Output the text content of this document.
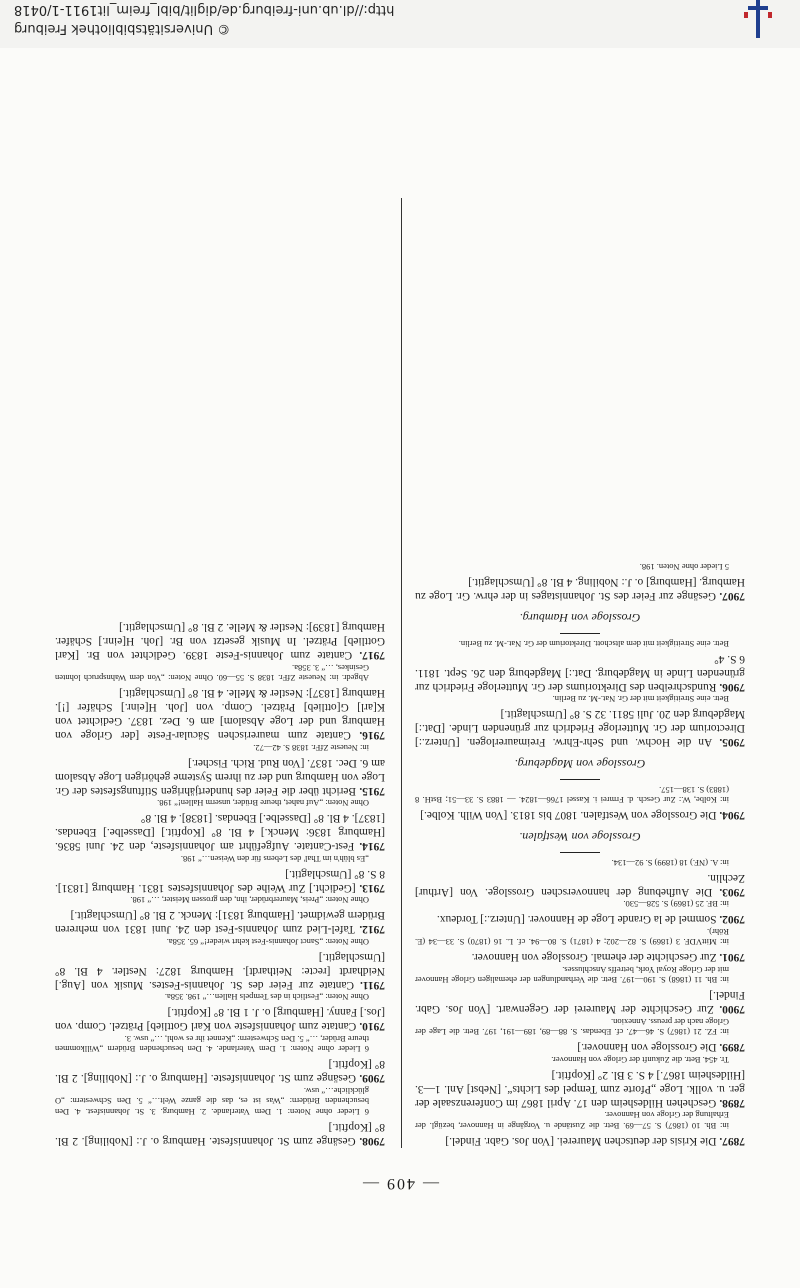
© Universitätsbibliothek Freiburg
http://dl.ub.uni-freiburg.de/diglit/bibl_freim_lit1911-1/0418
— 409 —
7897. Die Krisis der deutschen Maurerei. [Von Jos. Gabr. Findel.]
in: Bh. 10 (1867) S. 57—69. Betr. die Zustände u. Vorgänge in Hannover, bezügl. der Erhaltung der Grloge von Hannover.
7898. Geschehen Hildesheim den 17. April 1867 im Conferenzsaale der ger. u. vollk. Loge „Pforte zum Tempel des Lichts“. [Nebst] Anl. 1—3. [Hildesheim 1867.] 4 S. 3 Bl. 2° [Kopftit.]
Tr. 454. Betr. die Zukunft der Grloge von Hannover.
7899. Die Grossloge von Hannover.]
in: FZ. 21 (1867) S. 46—47. cf. Ebendas. S. 88—89, 189—191, 197. Betr. die Lage der Grloge nach der preuss. Annexion.
7900. Zur Geschichte der Maurerei der Gegenwart. [Von Jos. Gabr. Findel.]
in: Bh. 11 (1868) S. 190—197. Betr. die Verhandlungen der ehemaligen Grloge Hannover mit der Grloge Royal York, betreffs Anschlusses.
7901. Zur Geschichte der ehemal. Grossloge von Hannover.
in: MittVDF. 3 (1869) S. 82—202; 4 (1871) S. 80—94. cf. L. 16 (1870) S. 33—34 (E. Röhr).
7902. Sommel de la Grande Loge de Hannover. [Unterz.:] Tordeux.
in: BF. 25 (1869) S. 528—530.
7903. Die Aufhebung der hannoverschen Grossloge. Von [Arthur] Zechlin.
in: A. (NF.) 18 (1899) S. 92—134.
Grossloge von Westfalen.
7904. Die Grossloge von Westfalen. 1807 bis 1813. [Von Wilh. Kolbe.]
in: Kolbe, W.: Zur Gesch. d. Frmrei i. Kassel 1766—1824. — 1883 S. 33—51; BstH. 8 (1883) S. 138—157.
Grossloge von Magdeburg.
7905. An die Hochw. und Sehr-Ehrw. Freimaurerlogen. [Unterz.:] Directorium der Gr. Mutterloge Friedrich zur grünenden Linde. [Dat.:] Magdeburg den 20. Juli 5811. 32 S. 8° [Umschlagtit.]
Betr. eine Streitigkeit mit der Gr. Nat.-M. zu Berlin.
7906. Rundschreiben des Direktoriums der Gr. Mutterloge Friedrich zur grünenden Linde in Magdeburg. Dat.:] Magdeburg den 26. Sept. 1811. 6 S. 4°
Betr. eine Streitigkeit mit dem altschott. Direktorium der Gr. Nat.-M. zu Berlin.
Grossloge von Hamburg.
7907. Gesänge zur Feier des St. Johannistages in der ehrw. Gr. Loge zu Hamburg. [Hamburg] o. J.: Nobiling. 4 Bl. 8° [Umschlagtit.]
5 Lieder ohne Noten. 198.
7908. Gesänge zum St. Johannisfeste. Hamburg o. J.: [Nobiling]. 2 Bl. 8° [Kopftit.]
6 Lieder ohne Noten: 1. Dem Vaterlande. 2. Hamburg. 3. St. Johannisfest. 4. Den besuchenden Brüdern: „Was ist es, das die ganze Welt…“ 5. Den Schwestern: „O glückliche…“ usw.
7909. Gesänge zum St. Johannisfeste. [Hamburg o. J.: [Nobiling]. 2 Bl. 8° [Kopftit.]
6 Lieder ohne Noten: 1. Dem Vaterlande. 4. Den besuchenden Brüdern „Willkommen theure Brüder, …“ 5. Den Schwestern: „Kennet ihr es wohl, …“ usw. 3.
7910. Cantate zum Johannisfeste von Karl Gottlieb] Prätzel. Comp. von [Jos.] Fanny. [Hamburg] o. J. 1 Bl. 8° [Kopftit.]
Ohne Noten: „Festlich in des Tempels Hallen…“ 198. 358a.
7911. Cantate zur Feier des St. Johannis-Festes. Musik von [Aug.] Neidhardt [recte: Neithardt]. Hamburg 1827: Nestler. 4 Bl. 8° [Umschlagtit.]
Ohne Noten: „Sanct Johannis-Fest kehrt wieder!“ 65. 358a.
7912. Tafel-Lied zum Johannis-Fest den 24. Juni 1831 von mehreren Brüdern gewidmet. [Hamburg 1831]: Menck. 2 Bl. 8° [Umschlagtit.]
Ohne Noten: „Preis, Maurerbrüder, ihn, den grossen Meister, …“ 198.
7913. [Gedicht.] Zur Weihe des Johannisfestes 1831. Hamburg [1831]. 8 S. 8° [Umschlagtit.]
„Es blüh'n im Thal' des Lebens für den Weisen…“ 198.
7914. Fest-Cantate. Aufgeführt am Johannisfeste, den 24. Juni 5836. [Hamburg 1836: Menck.] 4 Bl. 8° [Kopftit.] [Dasselbe.] Ebendas. [1837]. 4 Bl. 8° [Dasselbe.] Ebendas. [1838]. 4 Bl. 8°
Ohne Noten: „Auf nahet, theure Brüder, unserm Hallen!“ 198.
7915. Bericht über die Feier des hundertjährigen Stiftungsfestes der Gr. Loge von Hamburg und der zu ihrem Systeme gehörigen Loge Absalom am 6. Dec. 1837. [Von Rud. Rich. Fischer.]
in: Neueste ZfFr. 1838 S. 42—72.
7916. Cantate zum maurerischen Säcular-Feste [der Grloge von Hamburg und der Loge Absalom] am 6. Dez. 1837. Gedichtet von K[arl] G[ottlieb] Prätzel. Comp. von [Joh. H[einr.] Schäfer [!]. Hamburg [1837]: Nestler & Melle. 4 Bl. 8° [Umschlagtit.]
Abgedr. in: Neueste ZfFr. 1838 S. 55—60. Ohne Noten: „Von dem Wahnspruch lohnten Gesinkes, …“ 3. 358a.
7917. Cantate zum Johannis-Feste 1839. Gedichtet von Br. [Karl Gottlieb] Prätzel. In Musik gesetzt von Br. [Joh. H[einr.] Schäfer. Hamburg [1839]: Nestler & Melle. 2 Bl. 8° [Umschlagtit.]
